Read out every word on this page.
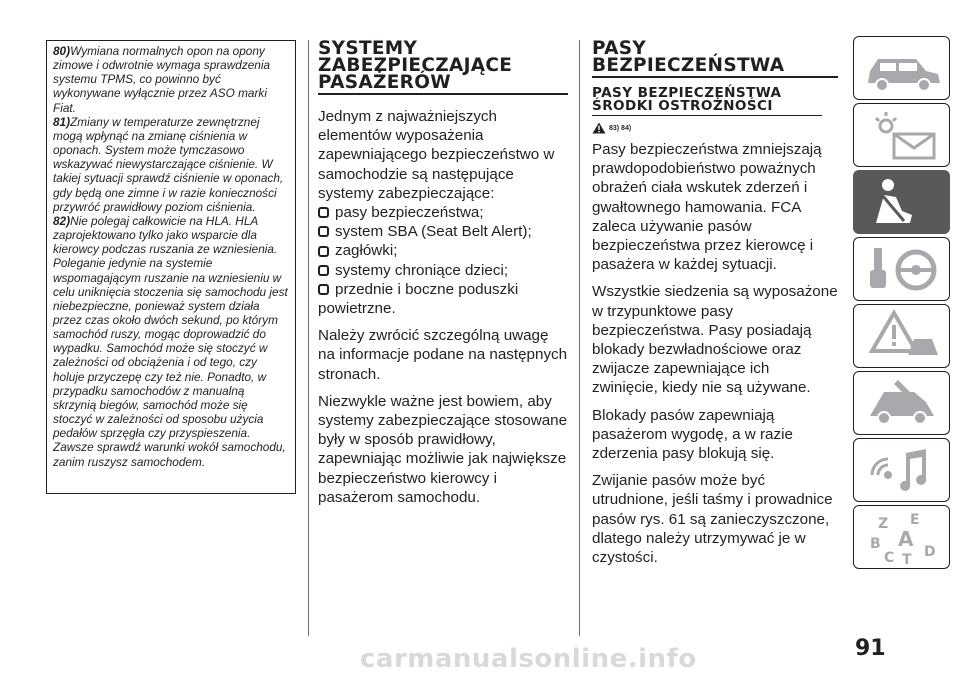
80)Wymiana normalnych opon na opony zimowe i odwrotnie wymaga sprawdzenia systemu TPMS, co powinno być wykonywane wyłącznie przez ASO marki Fiat.

81)Zmiany w temperaturze zewnętrznej mogą wpłynąć na zmianę ciśnienia w oponach. System może tymczasowo wskazywać niewystarczające ciśnienie. W takiej sytuacji sprawdź ciśnienie w oponach, gdy będą one zimne i w razie konieczności przywróć prawidłowy poziom ciśnienia.

82)Nie polegaj całkowicie na HLA. HLA zaprojektowano tylko jako wsparcie dla kierowcy podczas ruszania ze wzniesienia. Poleganie jedynie na systemie wspomagającym ruszanie na wzniesieniu w celu uniknięcia stoczenia się samochodu jest niebezpieczne, ponieważ system działa przez czas około dwóch sekund, po którym samochód ruszy, mogąc doprowadzić do wypadku. Samochód może się stoczyć w zależności od obciążenia i od tego, czy holuje przyczepę czy też nie. Ponadto, w przypadku samochodów z manualną skrzynią biegów, samochód może się stoczyć w zależności od sposobu użycia pedałów sprzęgła czy przyspieszenia. Zawsze sprawdź warunki wokół samochodu, zanim ruszysz samochodem.

SYSTEMY

ZABEZPIECZAJĄCE

PASAŻERÓW

Jednym z najważniejszych elementów wyposażenia zapewniającego bezpieczeństwo w samochodzie są następujące systemy zabezpieczające:

pasy bezpieczeństwa;
system SBA (Seat Belt Alert);
zagłówki;
systemy chroniące dzieci;
przednie i boczne poduszki

powietrzne.

Należy zwrócić szczególną uwagę na informacje podane na następnych stronach.

Niezwykle ważne jest bowiem, aby systemy zabezpieczające stosowane były w sposób prawidłowy, zapewniając możliwie jak największe bezpieczeństwo kierowcy i pasażerom samochodu.

PASY

BEZPIECZEŃSTWA

PASY BEZPIECZEŃSTWA

ŚRODKI OSTROŻNOŚCI

83) 84)

Pasy bezpieczeństwa zmniejszają prawdopodobieństwo poważnych obrażeń ciała wskutek zderzeń i gwałtownego hamowania. FCA zaleca używanie pasów bezpieczeństwa przez kierowcę i pasażera w każdej sytuacji.

Wszystkie siedzenia są wyposażone w trzypunktowe pasy bezpieczeństwa. Pasy posiadają blokady bezwładnościowe oraz zwijacze zapewniające ich zwinięcie, kiedy nie są używane.

Blokady pasów zapewniają pasażerom wygodę, a w razie zderzenia pasy blokują się.

Zwijanie pasów może być utrudnione, jeśli taśmy i prowadnice pasów rys. 61 są zanieczyszczone, dlatego należy utrzymywać je w czystości.

Z E
B A
C T D
carmanualsonline.info	91
